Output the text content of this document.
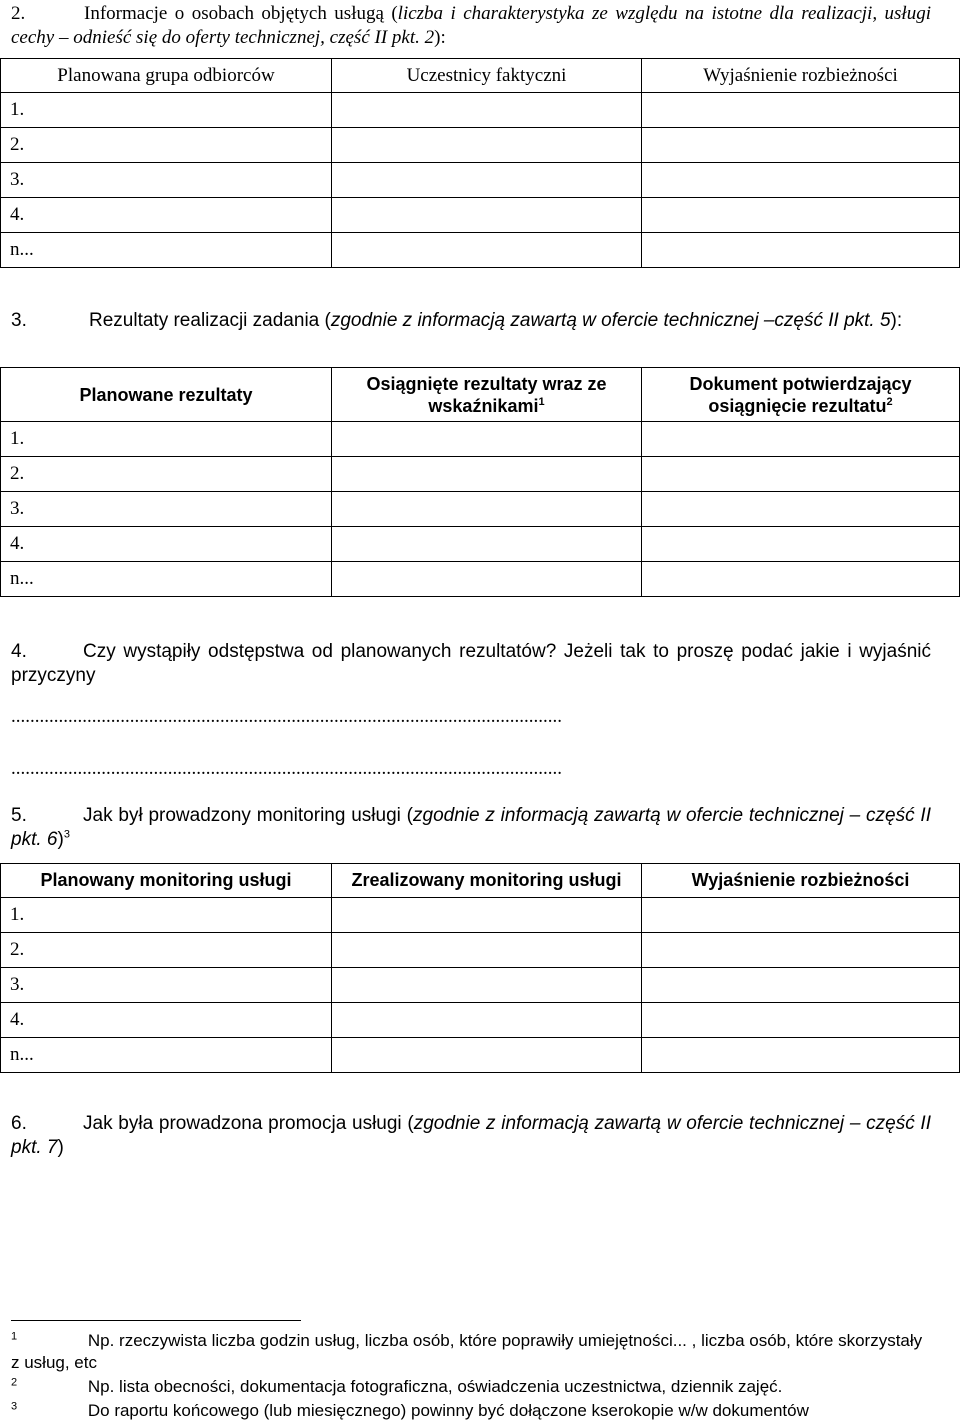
2.	Informacje o osobach objętych usługą (liczba i charakterystyka ze względu na istotne dla realizacji, usługi cechy – odnieść się do oferty technicznej, część II pkt. 2):
Planowana grupa odbiorców	Uczestnicy faktyczni	Wyjaśnienie rozbieżności
1.		
2.		
3.		
4.		
n...		
3.	Rezultaty realizacji zadania (zgodnie z informacją zawartą w ofercie technicznej –część II pkt. 5):
Planowane rezultaty	Osiągnięte rezultaty wraz ze wskaźnikami$^1$	Dokument potwierdzający osiągnięcie rezultatu$^2$
1.		
2.		
3.		
4.		
n...		
4.	Czy wystąpiły odstępstwa od planowanych rezultatów? Jeżeli tak to proszę podać jakie i wyjaśnić przyczyny
....................................................................................................................
....................................................................................................................
5.	Jak był prowadzony monitoring usługi (zgodnie z informacją zawartą w ofercie technicznej – część II pkt. 6)$^3$
Planowany monitoring usługi	Zrealizowany monitoring usługi	Wyjaśnienie rozbieżności
1.		
2.		
3.		
4.		
n...		
6.	Jak była prowadzona promocja usługi (zgodnie z informacją zawartą w ofercie technicznej – część II pkt. 7)
$^1$	Np. rzeczywista liczba godzin usług, liczba osób, które poprawiły umiejętności... , liczba osób, które skorzystały z usług, etc
$^2$	Np. lista obecności, dokumentacja fotograficzna, oświadczenia uczestnictwa, dziennik zajęć.
$^3$	Do raportu końcowego (lub miesięcznego) powinny być dołączone kserokopie w/w dokumentów
